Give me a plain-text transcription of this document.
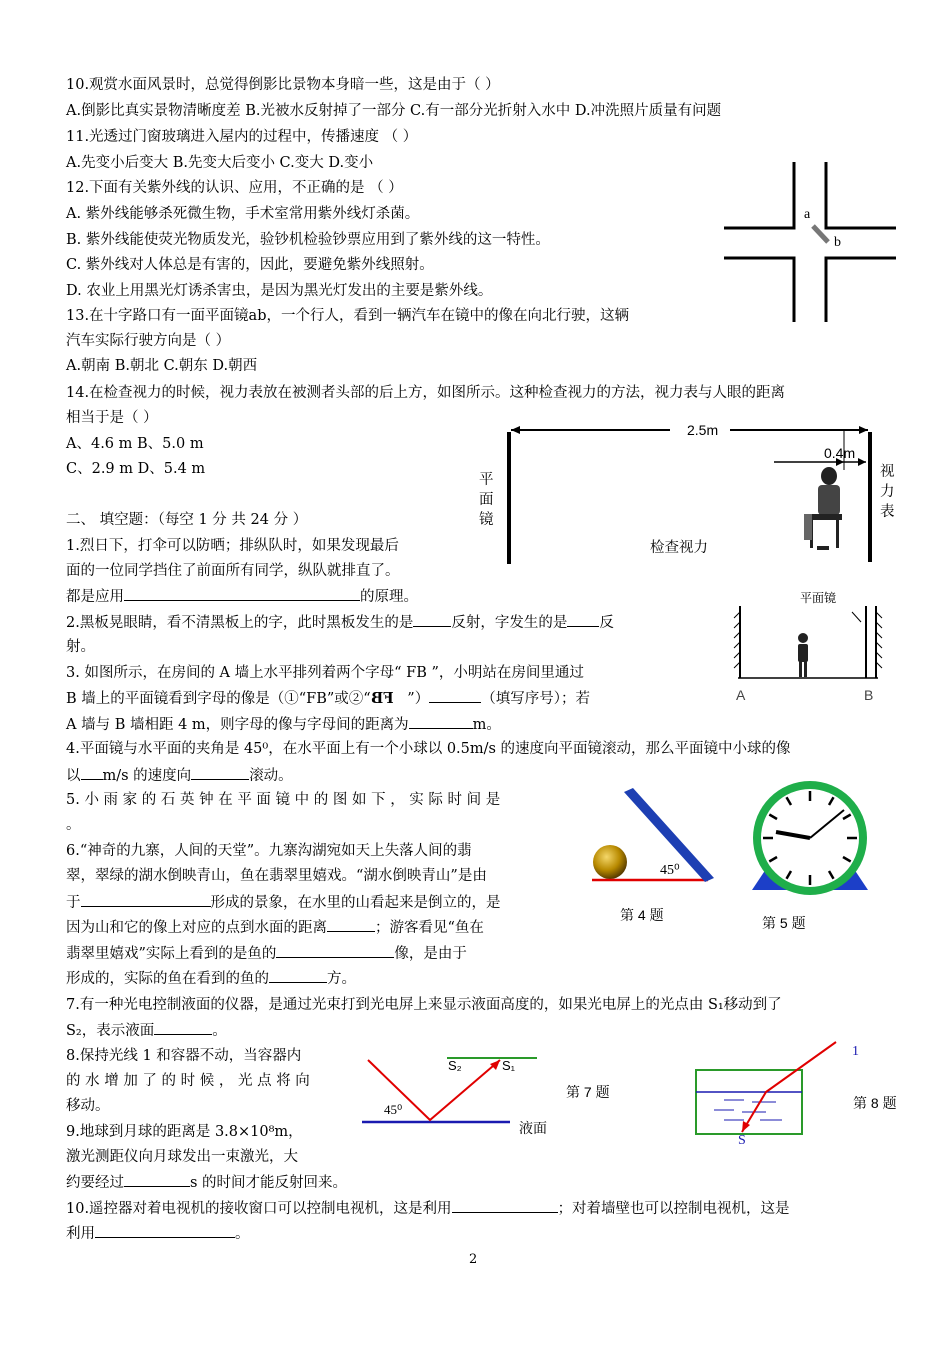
10.观赏水面风景时，总觉得倒影比景物本身暗一些，这是由于（ ）
A.倒影比真实景物清晰度差 B.光被水反射掉了一部分 C.有一部分光折射入水中 D.冲洗照片质量有问题
11.光透过门窗玻璃进入屋内的过程中，传播速度 （ ）
A.先变小后变大 B.先变大后变小 C.变大 D.变小
12.下面有关紫外线的认识、应用，不正确的是 （ ）
A. 紫外线能够杀死微生物，手术室常用紫外线灯杀菌。
B. 紫外线能使荧光物质发光，验钞机检验钞票应用到了紫外线的这一特性。
C. 紫外线对人体总是有害的，因此，要避免紫外线照射。
D. 农业上用黑光灯诱杀害虫，是因为黑光灯发出的主要是紫外线。
13.在十字路口有一面平面镜ab，一个行人，看到一辆汽车在镜中的像在向北行驶，这辆
汽车实际行驶方向是（ ）
A.朝南 B.朝北 C.朝东 D.朝西
14.在检查视力的时候，视力表放在被测者头部的后上方，如图所示。这种检查视力的方法，视力表与人眼的距离
相当于是（ ）
A、4.6 m B、5.0 m
C、2.9 m D、5.4 m
二、 填空题：（每空 1 分 共 24 分 ）
1.烈日下，打伞可以防晒；排纵队时，如果发现最后
面的一位同学挡住了前面所有同学，纵队就排直了。
都是应用	的原理。
2.黑板晃眼睛，看不清黑板上的字，此时黑板发生的是	反射，字发生的是 反
射。
3. 如图所示，在房间的 A 墙上水平排列着两个字母“ FB ”，小明站在房间里通过
B 墙上的平面镜看到字母的像是（①“FB”或②“FB ”）	（填写序号）；若
A 墙与 B 墙相距 4 m，则字母的像与字母间的距离为	m。
4.平面镜与水平面的夹角是 45⁰，在水平面上有一个小球以 0.5m/s 的速度向平面镜滚动，那么平面镜中小球的像
以 m/s 的速度向	滚动。
5. 小 雨 家 的 石 英 钟 在 平 面 镜 中 的 图 如 下 ， 实 际 时 间 是
。
6.“神奇的九寨，人间的天堂”。九寨沟湖宛如天上失落人间的翡
翠，翠绿的湖水倒映青山，鱼在翡翠里嬉戏。“湖水倒映青山”是由
于	形成的景象，在水里的山看起来是倒立的，是
因为山和它的像上对应的点到水面的距离	；游客看见“鱼在
翡翠里嬉戏”实际上看到的是鱼的	像，是由于
形成的，实际的鱼在看到的鱼的	方。
7.有一种光电控制液面的仪器，是通过光束打到光电屏上来显示液面高度的，如果光电屏上的光点由 S₁移动到了
S₂，表示液面	。
8.保持光线 1 和容器不动，当容器内
的 水 增 加 了 的 时 候 ， 光 点 将 向
移动。
9.地球到月球的距离是 3.8×10⁸m，
激光测距仪向月球发出一束激光，大
约要经过	s 的时间才能反射回来。
10.遥控器对着电视机的接收窗口可以控制电视机，这是利用	；对着墙壁也可以控制电视机，这是
利用	。
2
a
b
2.5m
0.4m
平面镜
视力表
检查视力
平面镜
A	B
45⁰
第 4 题	第 5 题
S₂	S₁
45⁰
液面
第 7 题
1
S
第 8 题
